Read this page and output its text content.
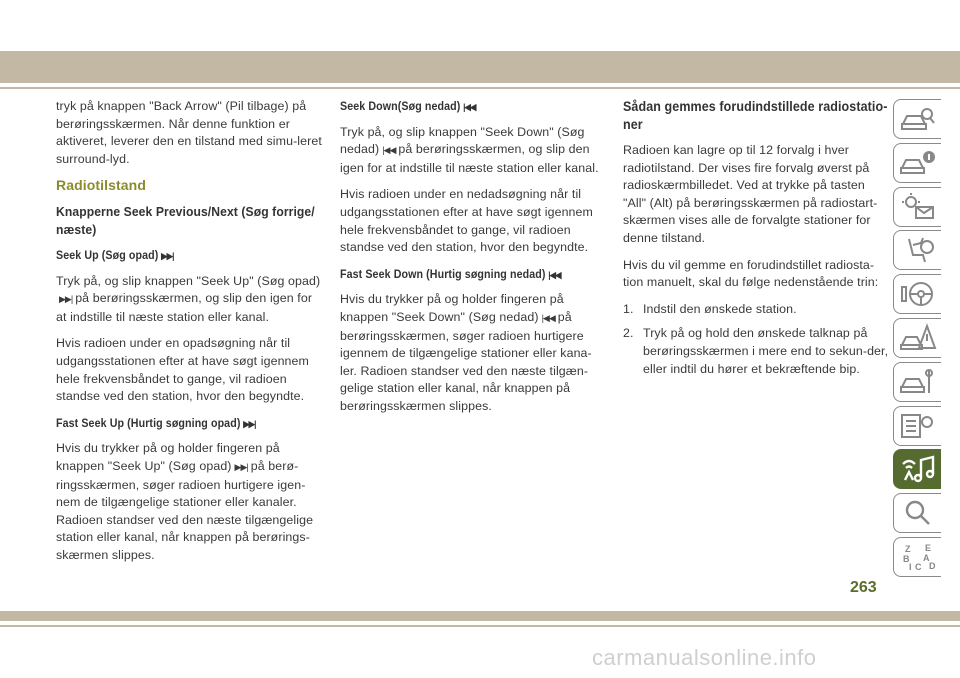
tryk på knappen "Back Arrow" (Pil tilbage) på berøringsskærmen. Når denne funktion er aktiveret, leverer den en tilstand med simu-leret surround-lyd.

Radiotilstand
Knapperne Seek Previous/Next (Søg forrige/ næste)
Seek Up (Søg opad) ▶▶|

Tryk på, og slip knappen "Seek Up" (Søg opad)▶▶| på berøringsskærmen, og slip den igen for at indstille til næste station eller kanal.

Hvis radioen under en opadsøgning når til udgangsstationen efter at have søgt igennem hele frekvensbåndet to gange, vil radioen standse ved den station, hvor den begyndte.

Fast Seek Up (Hurtig søgning opad) ▶▶|

Hvis du trykker på og holder fingeren på knappen "Seek Up" (Søg opad) ▶▶| på berø-ringsskærmen, søger radioen hurtigere igen-nem de tilgængelige stationer eller kanaler. Radioen standser ved den næste tilgængelige station eller kanal, når knappen på berørings-skærmen slippes.

Seek Down(Søg nedad) |◀◀

Tryk på, og slip knappen "Seek Down" (Søg nedad) |◀◀ på berøringsskærmen, og slip den igen for at indstille til næste station eller kanal.

Hvis radioen under en nedadsøgning når til udgangsstationen efter at have søgt igennem hele frekvensbåndet to gange, vil radioen standse ved den station, hvor den begyndte.

Fast Seek Down (Hurtig søgning nedad) |◀◀

Hvis du trykker på og holder fingeren på knappen "Seek Down" (Søg nedad) |◀◀ på berøringsskærmen, søger radioen hurtigere igennem de tilgængelige stationer eller kana-ler. Radioen standser ved den næste tilgæn-gelige station eller kanal, når knappen på berøringsskærmen slippes.

Sådan gemmes forudindstillede radiostatio-ner

Radioen kan lagre op til 12 forvalg i hver radiotilstand. Der vises fire forvalg øverst på radioskærmbilledet. Ved at trykke på tasten "All" (Alt) på berøringsskærmen på radiostart-skærmen vises alle de forvalgte stationer for denne tilstand.

Hvis du vil gemme en forudindstillet radiosta-tion manuelt, skal du følge nedenstående trin:

1. Indstil den ønskede station.
2. Tryk på og hold den ønskede talknap på berøringsskærmen i mere end to sekun-der, eller indtil du hører et bekræftende bip.
Z E
B A
I C D
263
carmanualsonline.info
